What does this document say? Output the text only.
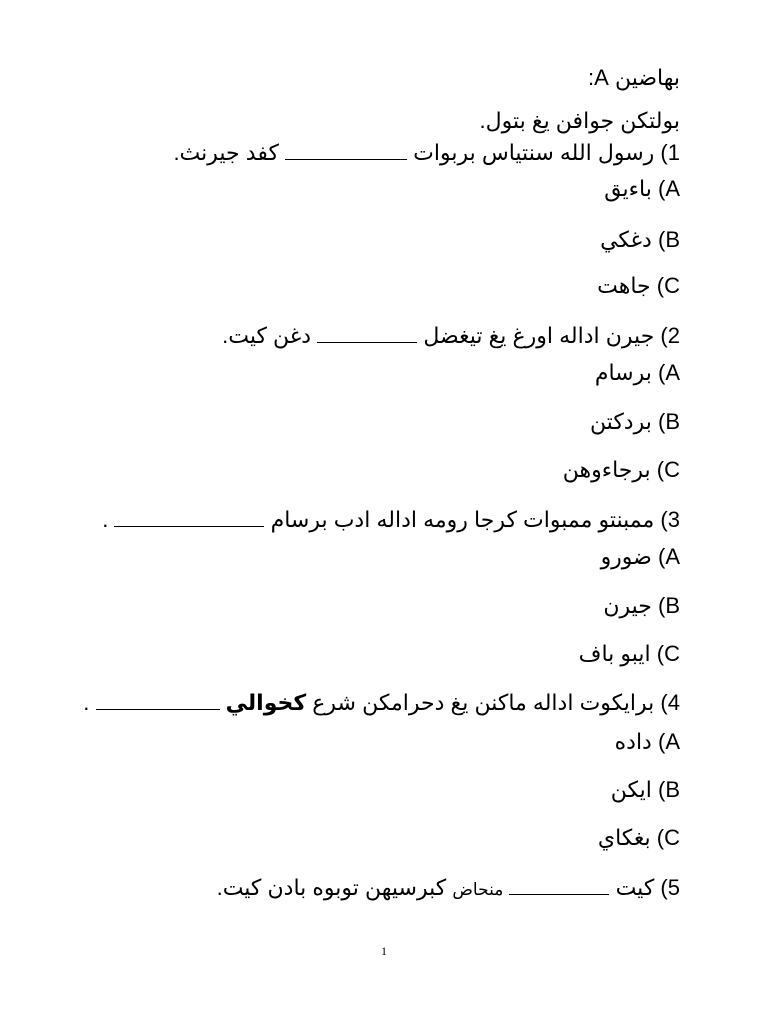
بهاضين A:
بولتكن جوافن يغ بتول.
1) رسول الله سنتياس بربوات  كفد جيرنث.
A) باءيق
B) دغكي
C) جاهت
2) جيرن اداله اورغ يغ تيغضل  دغن كيت.
A) برسام
B) بردكتن
C) برجاءوهن
3) ممبنتو ممبوات كرجا رومه اداله ادب برسام  .
A) ضورو
B) جيرن
C) ايبو باف
4) برايكوت اداله ماكنن يغ دحرامكن شرع كخوالي  .
A) داده
B) ايكن
C) بغكاي
5) كيت  منحاض كبرسيهن توبوه بادن كيت.
1
